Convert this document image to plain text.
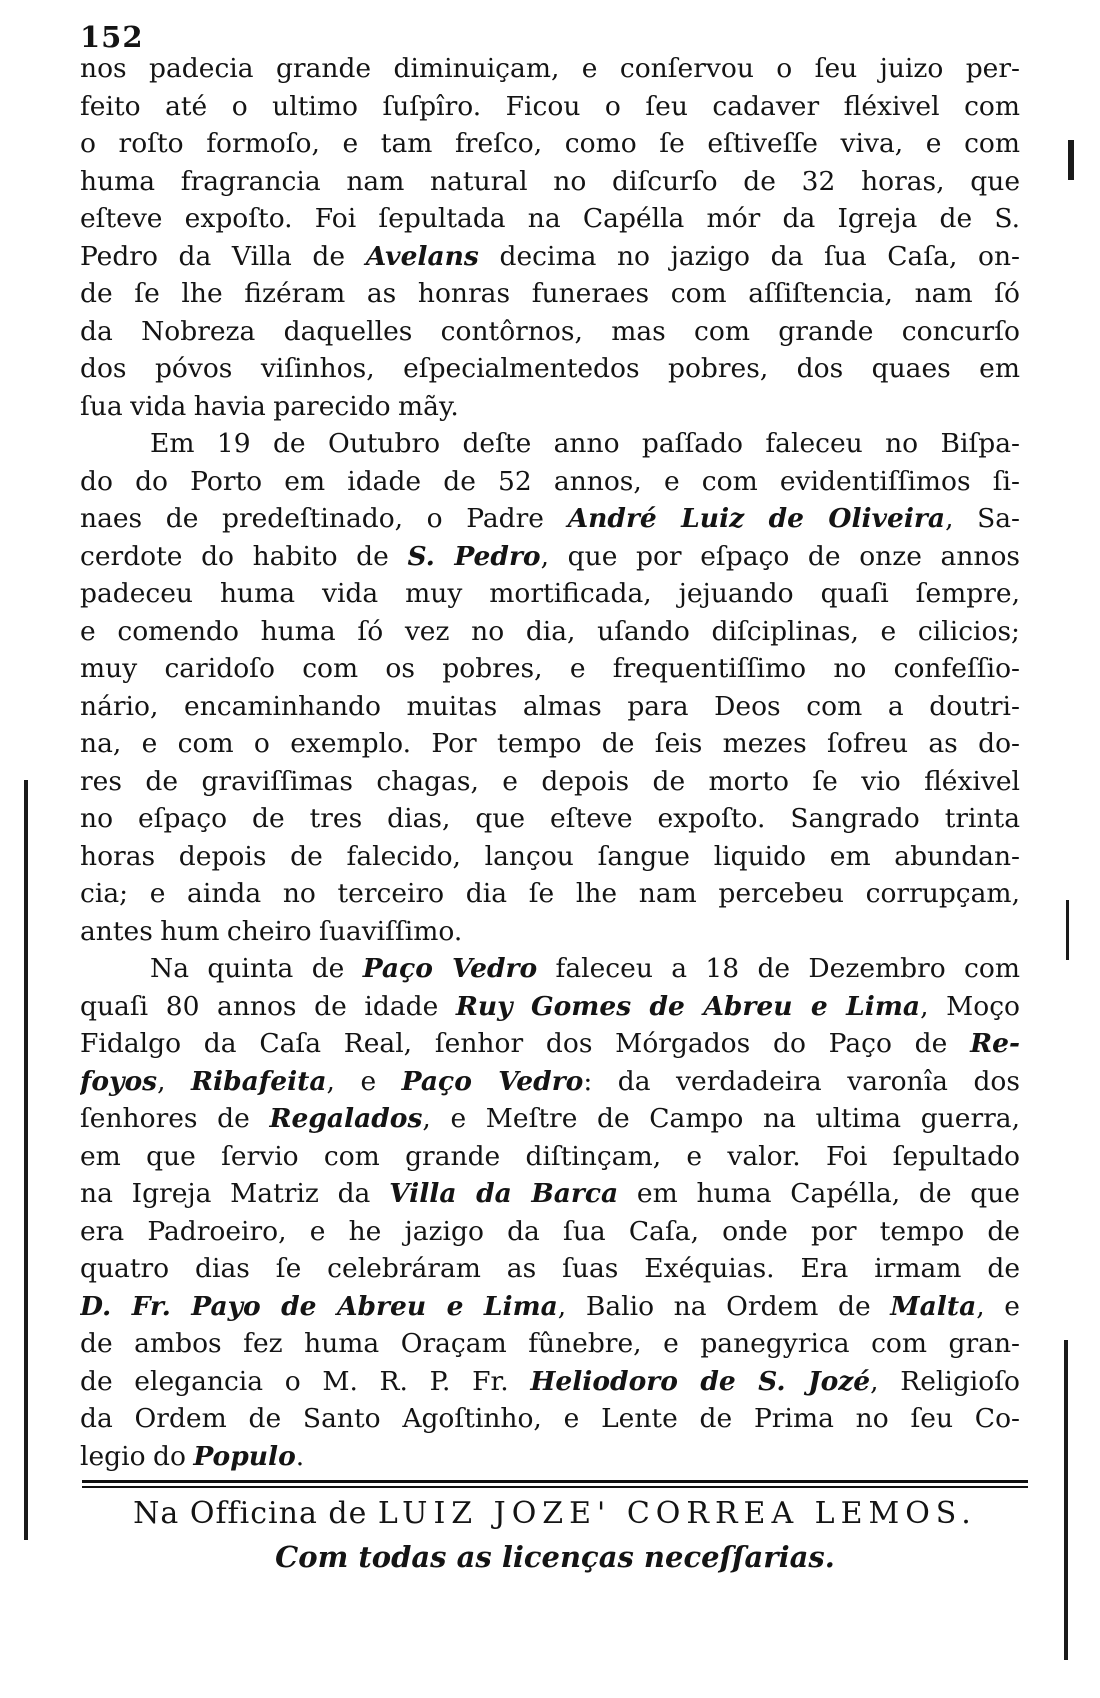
152
nos padecia grande diminuiçam, e conſervou o ſeu juizo per-
feito até o ultimo ſuſpîro. Ficou o ſeu cadaver fléxivel com
o roſto formoſo, e tam freſco, como ſe eſtiveſſe viva, e com
huma fragrancia nam natural no diſcurſo de 32 horas, que
eſteve expoſto. Foi ſepultada na Capélla mór da Igreja de S.
Pedro da Villa de Avelans decima no jazigo da ſua Caſa, on-
de ſe lhe fizéram as honras funeraes com aſſiſtencia, nam ſó
da Nobreza daquelles contôrnos, mas com grande concurſo
dos póvos viſinhos, eſpecialmentedos pobres, dos quaes em
ſua vida havia parecido mãy.
Em 19 de Outubro deſte anno paſſado faleceu no Biſpa-
do do Porto em idade de 52 annos, e com evidentiſſimos ſi-
naes de predeſtinado, o Padre André Luiz de Oliveira, Sa-
cerdote do habito de S. Pedro, que por eſpaço de onze annos
padeceu huma vida muy mortificada, jejuando quaſi ſempre,
e comendo huma ſó vez no dia, uſando diſciplinas, e cilicios;
muy caridoſo com os pobres, e frequentiſſimo no confeſſio-
nário, encaminhando muitas almas para Deos com a doutri-
na, e com o exemplo. Por tempo de ſeis mezes ſofreu as do-
res de graviſſimas chagas, e depois de morto ſe vio fléxivel
no eſpaço de tres dias, que eſteve expoſto. Sangrado trinta
horas depois de falecido, lançou ſangue liquido em abundan-
cia; e ainda no terceiro dia ſe lhe nam percebeu corrupçam,
antes hum cheiro ſuaviſſimo.
Na quinta de Paço Vedro faleceu a 18 de Dezembro com
quaſi 80 annos de idade Ruy Gomes de Abreu e Lima, Moço
Fidalgo da Caſa Real, ſenhor dos Mórgados do Paço de Re-
foyos, Ribafeita, e Paço Vedro: da verdadeira varonîa dos
ſenhores de Regalados, e Meſtre de Campo na ultima guerra,
em que ſervio com grande diſtinçam, e valor. Foi ſepultado
na Igreja Matriz da Villa da Barca em huma Capélla, de que
era Padroeiro, e he jazigo da ſua Caſa, onde por tempo de
quatro dias ſe celebráram as ſuas Exéquias. Era irmam de
D. Fr. Payo de Abreu e Lima, Balio na Ordem de Malta, e
de ambos fez huma Oraçam fûnebre, e panegyrica com gran-
de elegancia o M. R. P. Fr. Heliodoro de S. Jozé, Religioſo
da Ordem de Santo Agoſtinho, e Lente de Prima no ſeu Co-
legio do Populo.
Na Officina de LUIZ JOZE' CORREA LEMOS.
Com todas as licenças neceſſarias.
